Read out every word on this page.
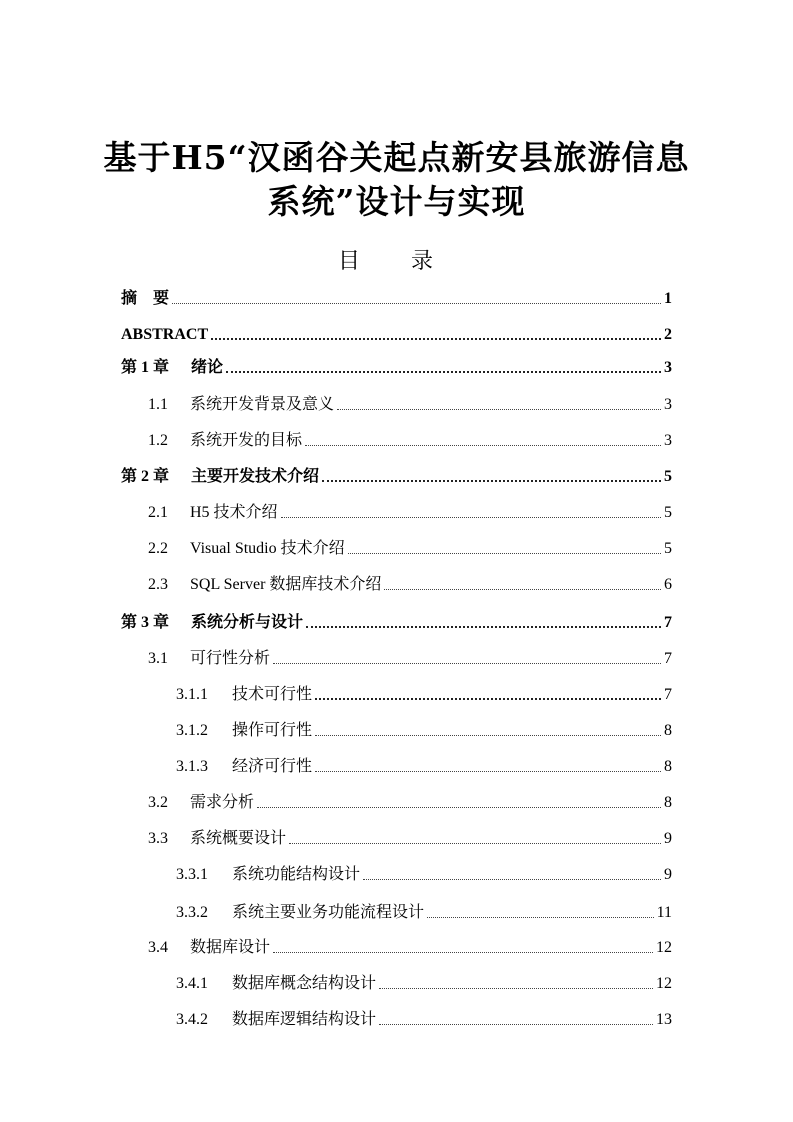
基于H5“汉函谷关起点新安县旅游信息
系统”设计与实现
目 录
摘　要	1
ABSTRACT	2
第 1 章	绪论	3
1.1	系统开发背景及意义	3
1.2	系统开发的目标	3
第 2 章	主要开发技术介绍	5
2.1	H5 技术介绍	5
2.2	Visual Studio 技术介绍	5
2.3	SQL Server 数据库技术介绍	6
第 3 章	系统分析与设计	7
3.1	可行性分析	7
3.1.1	技术可行性	7
3.1.2	操作可行性	8
3.1.3	经济可行性	8
3.2	需求分析	8
3.3	系统概要设计	9
3.3.1	系统功能结构设计	9
3.3.2	系统主要业务功能流程设计	11
3.4	数据库设计	12
3.4.1	数据库概念结构设计	12
3.4.2	数据库逻辑结构设计	13
